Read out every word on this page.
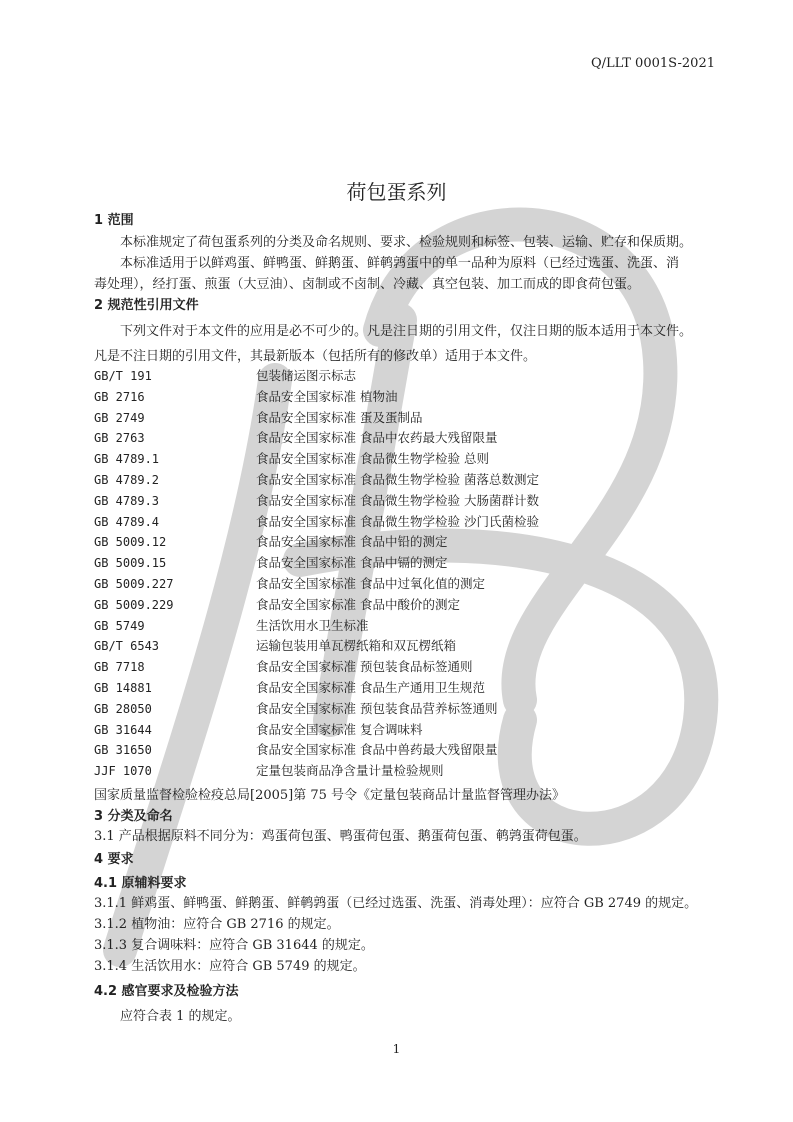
Q/LLT 0001S-2021
荷包蛋系列
1 范围
本标准规定了荷包蛋系列的分类及命名规则、要求、检验规则和标签、包装、运输、贮存和保质期。
本标准适用于以鲜鸡蛋、鲜鸭蛋、鲜鹅蛋、鲜鹌鹑蛋中的单一品种为原料（已经过选蛋、洗蛋、消
毒处理），经打蛋、煎蛋（大豆油）、卤制或不卤制、冷藏、真空包装、加工而成的即食荷包蛋。
2 规范性引用文件
下列文件对于本文件的应用是必不可少的。凡是注日期的引用文件，仅注日期的版本适用于本文件。
凡是不注日期的引用文件，其最新版本（包括所有的修改单）适用于本文件。
GB/T 191	包装储运图示标志
GB 2716	食品安全国家标准 植物油
GB 2749	食品安全国家标准 蛋及蛋制品
GB 2763	食品安全国家标准 食品中农药最大残留限量
GB 4789.1	食品安全国家标准 食品微生物学检验 总则
GB 4789.2	食品安全国家标准 食品微生物学检验 菌落总数测定
GB 4789.3	食品安全国家标准 食品微生物学检验 大肠菌群计数
GB 4789.4	食品安全国家标准 食品微生物学检验 沙门氏菌检验
GB 5009.12	食品安全国家标准 食品中铅的测定
GB 5009.15	食品安全国家标准 食品中镉的测定
GB 5009.227	食品安全国家标准 食品中过氧化值的测定
GB 5009.229	食品安全国家标准 食品中酸价的测定
GB 5749	生活饮用水卫生标准
GB/T 6543	运输包装用单瓦楞纸箱和双瓦楞纸箱
GB 7718	食品安全国家标准 预包装食品标签通则
GB 14881	食品安全国家标准 食品生产通用卫生规范
GB 28050	食品安全国家标准 预包装食品营养标签通则
GB 31644	食品安全国家标准 复合调味料
GB 31650	食品安全国家标准 食品中兽药最大残留限量
JJF 1070	定量包装商品净含量计量检验规则
国家质量监督检验检疫总局[2005]第 75 号令《定量包装商品计量监督管理办法》
3 分类及命名
3.1 产品根据原料不同分为：鸡蛋荷包蛋、鸭蛋荷包蛋、鹅蛋荷包蛋、鹌鹑蛋荷包蛋。
4 要求
4.1 原辅料要求
3.1.1 鲜鸡蛋、鲜鸭蛋、鲜鹅蛋、鲜鹌鹑蛋（已经过选蛋、洗蛋、消毒处理）：应符合 GB 2749 的规定。
3.1.2 植物油：应符合 GB 2716 的规定。
3.1.3 复合调味料：应符合 GB 31644 的规定。
3.1.4 生活饮用水：应符合 GB 5749 的规定。
4.2 感官要求及检验方法
应符合表 1 的规定。
1
